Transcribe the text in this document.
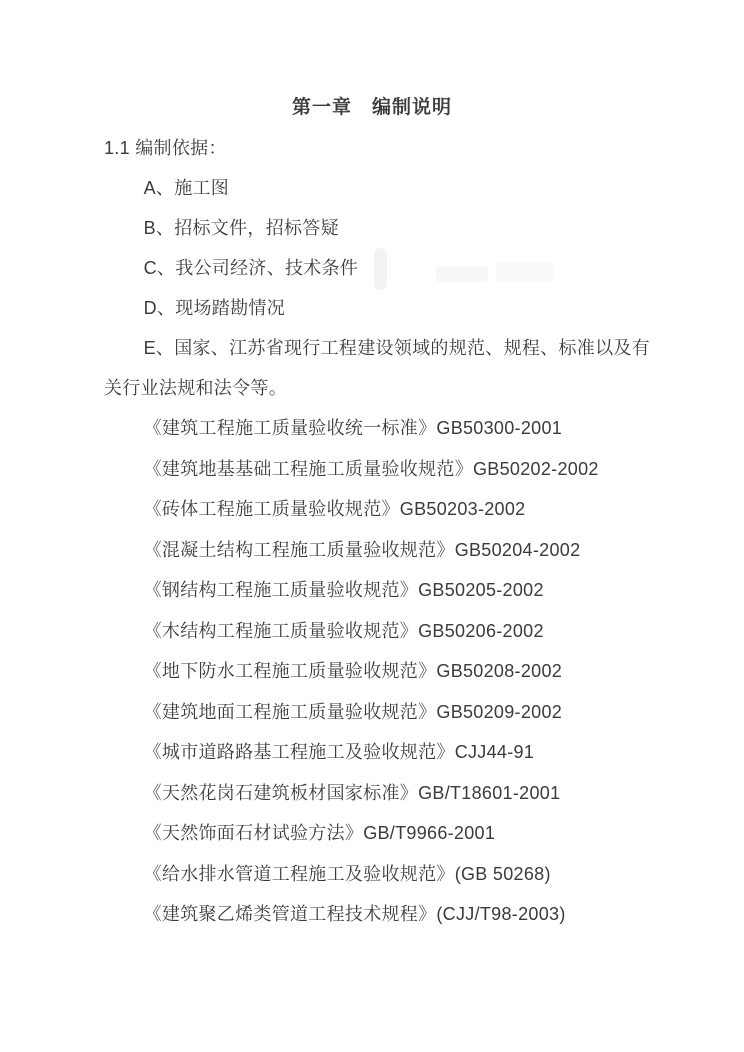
第一章　编制说明

1.1 编制依据：

A、施工图

B、招标文件，招标答疑

C、我公司经济、技术条件

D、现场踏勘情况

E、国家、江苏省现行工程建设领域的规范、规程、标准以及有

关行业法规和法令等。

《建筑工程施工质量验收统一标准》GB50300-2001

《建筑地基基础工程施工质量验收规范》GB50202-2002

《砖体工程施工质量验收规范》GB50203-2002

《混凝土结构工程施工质量验收规范》GB50204-2002

《钢结构工程施工质量验收规范》GB50205-2002

《木结构工程施工质量验收规范》GB50206-2002

《地下防水工程施工质量验收规范》GB50208-2002

《建筑地面工程施工质量验收规范》GB50209-2002

《城市道路路基工程施工及验收规范》CJJ44-91

《天然花岗石建筑板材国家标准》GB/T18601-2001

《天然饰面石材试验方法》GB/T9966-2001

《给水排水管道工程施工及验收规范》(GB 50268)

《建筑聚乙烯类管道工程技术规程》(CJJ/T98-2003)
